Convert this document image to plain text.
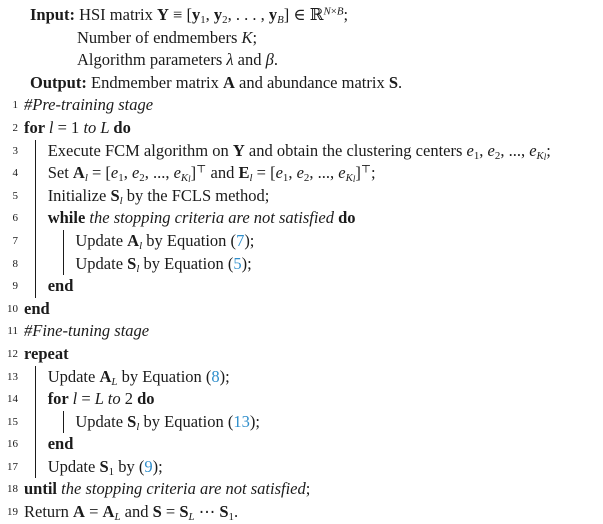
Input: HSI matrix $Y \equiv [y_1$, $y_2$, . . . , $y_B$] ∈ ℝ$^{N\times B}$;
Number of endmembers K;
Algorithm parameters λ and β.
Output: Endmember matrix A and abundance matrix S.
1 #Pre-training stage
2 for l = 1 to L do
3 Execute FCM algorithm on Y and obtain the clustering centers $e_1$, $e_2$, ..., $e_{Kl}$;
4 Set $A_l = [e_1$, $e_2$, ..., $e_{Kl}]^⊤$ and $E_l = [e_1$, $e_2$, ..., $e_{Kl}]^⊤$;
5 Initialize $S_l$ by the FCLS method;
6 while the stopping criteria are not satisfied do
7	Update $A_l$ by Equation (7);
8	Update $S_l$ by Equation (5);
9 end
10 end
11 #Fine-tuning stage
12 repeat
13 Update $A_L$ by Equation (8);
14 for l = L to 2 do
15	Update $S_l$ by Equation (13);
16 end
17 Update $S_1$ by (9);
18 until the stopping criteria are not satisfied;
19 Return $A = A_L$ and $S = S_L$ ⋯ $S_1$.
